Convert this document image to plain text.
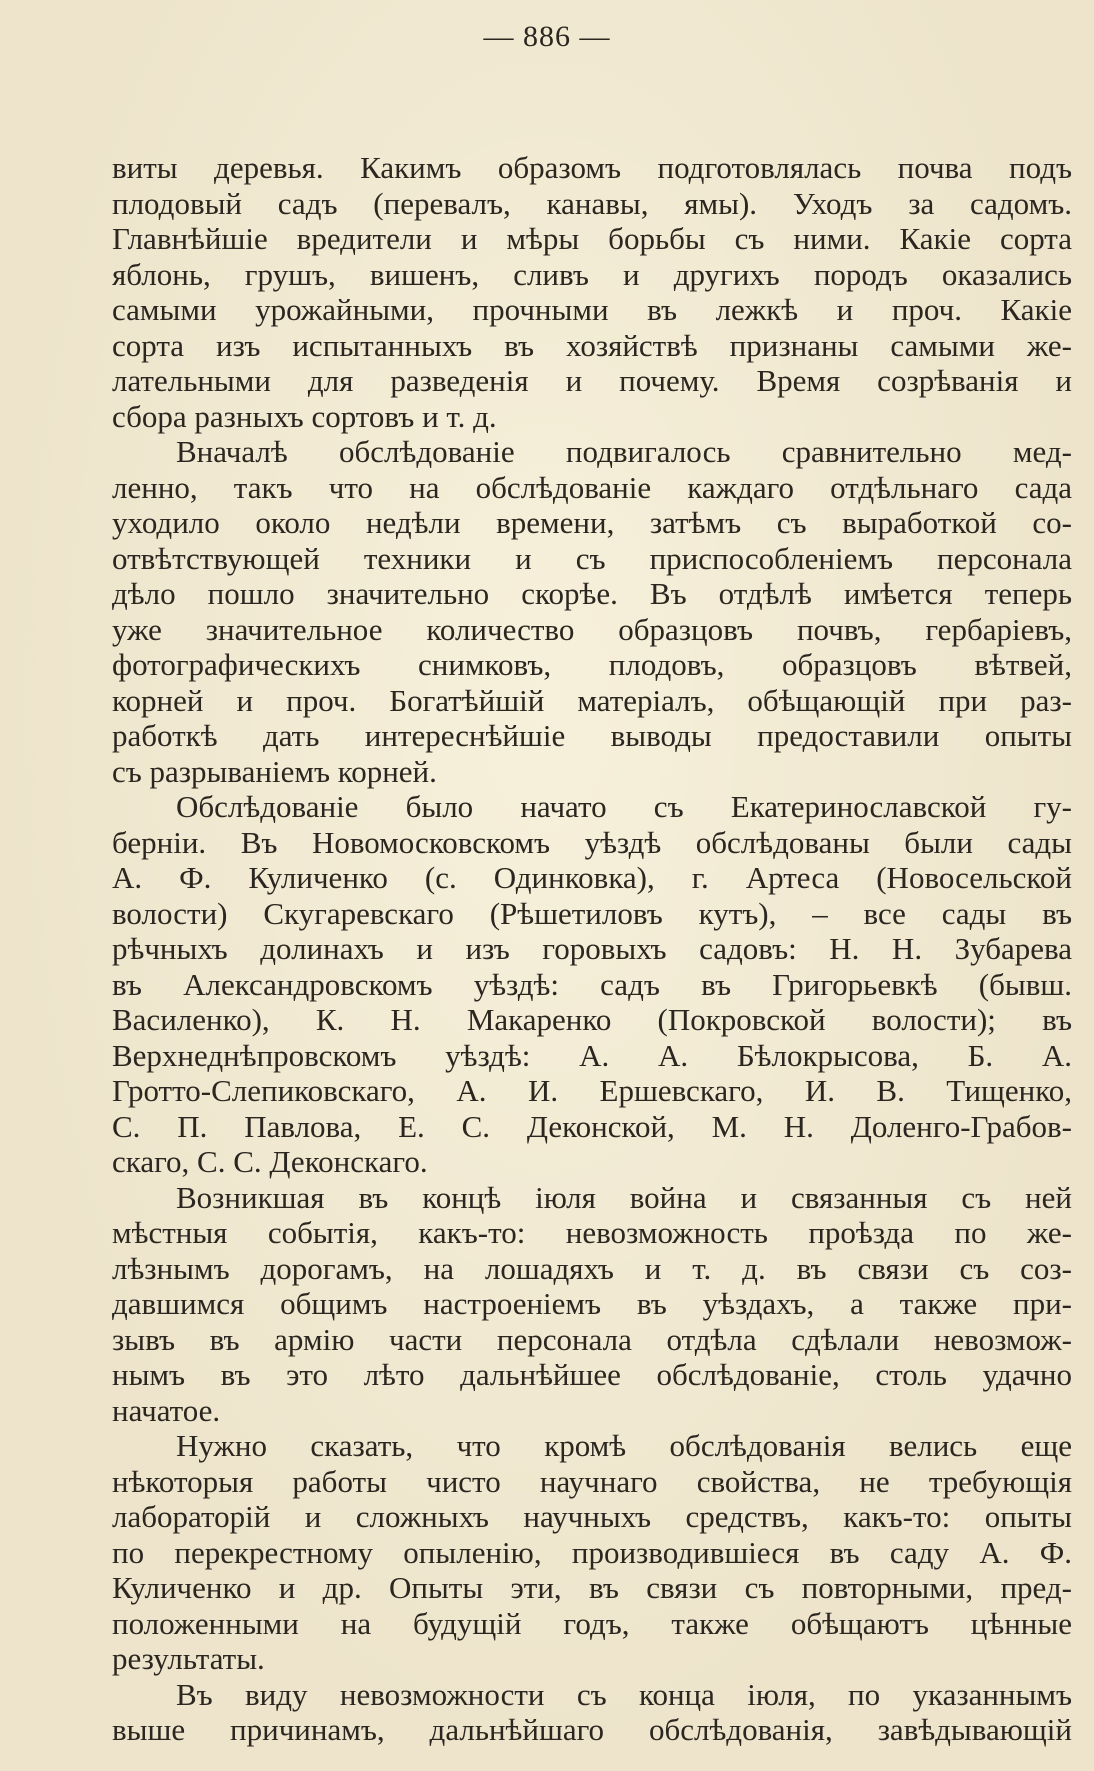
— 886 —
виты деревья. Какимъ образомъ подготовлялась почва подъ
плодовый садъ (перевалъ, канавы, ямы). Уходъ за садомъ.
Главнѣйшіе вредители и мѣры борьбы съ ними. Какіе сорта
яблонь, грушъ, вишенъ, сливъ и другихъ породъ оказались
самыми урожайными, прочными въ лежкѣ и проч. Какіе
сорта изъ испытанныхъ въ хозяйствѣ признаны самыми же-
лательными для разведенія и почему. Время созрѣванія и
сбора разныхъ сортовъ и т. д.
Вначалѣ обслѣдованіе подвигалось сравнительно мед-
ленно, такъ что на обслѣдованіе каждаго отдѣльнаго сада
уходило около недѣли времени, затѣмъ съ выработкой со-
отвѣтствующей техники и съ приспособленіемъ персонала
дѣло пошло значительно скорѣе. Въ отдѣлѣ имѣется теперь
уже значительное количество образцовъ почвъ, гербаріевъ,
фотографическихъ снимковъ, плодовъ, образцовъ вѣтвей,
корней и проч. Богатѣйшій матеріалъ, обѣщающій при раз-
работкѣ дать интереснѣйшіе выводы предоставили опыты
съ разрываніемъ корней.
Обслѣдованіе было начато съ Екатеринославской гу-
берніи. Въ Новомосковскомъ уѣздѣ обслѣдованы были сады
А. Ф. Куличенко (с. Одинковка), г. Артеса (Новосельской
волости) Скугаревскаго (Рѣшетиловъ кутъ), – все сады въ
рѣчныхъ долинахъ и изъ горовыхъ садовъ: Н. Н. Зубарева
въ Александровскомъ уѣздѣ: садъ въ Григорьевкѣ (бывш.
Василенко), К. Н. Макаренко (Покровской волости); въ
Верхнеднѣпровскомъ уѣздѣ: А. А. Бѣлокрысова, Б. А.
Гротто-Слепиковскаго, А. И. Ершевскаго, И. В. Тищенко,
С. П. Павлова, Е. С. Деконской, М. Н. Доленго-Грабов-
скаго, С. С. Деконскаго.
Возникшая въ концѣ іюля война и связанныя съ ней
мѣстныя событія, какъ-то: невозможность проѣзда по же-
лѣзнымъ дорогамъ, на лошадяхъ и т. д. въ связи съ соз-
давшимся общимъ настроеніемъ въ уѣздахъ, а также при-
зывъ въ армію части персонала отдѣла сдѣлали невозмож-
нымъ въ это лѣто дальнѣйшее обслѣдованіе, столь удачно
начатое.
Нужно сказать, что кромѣ обслѣдованія велись еще
нѣкоторыя работы чисто научнаго свойства, не требующія
лабораторій и сложныхъ научныхъ средствъ, какъ-то: опыты
по перекрестному опыленію, производившіеся въ саду А. Ф.
Куличенко и др. Опыты эти, въ связи съ повторными, пред-
положенными на будущій годъ, также обѣщаютъ цѣнные
результаты.
Въ виду невозможности съ конца іюля, по указаннымъ
выше причинамъ, дальнѣйшаго обслѣдованія, завѣдывающій
